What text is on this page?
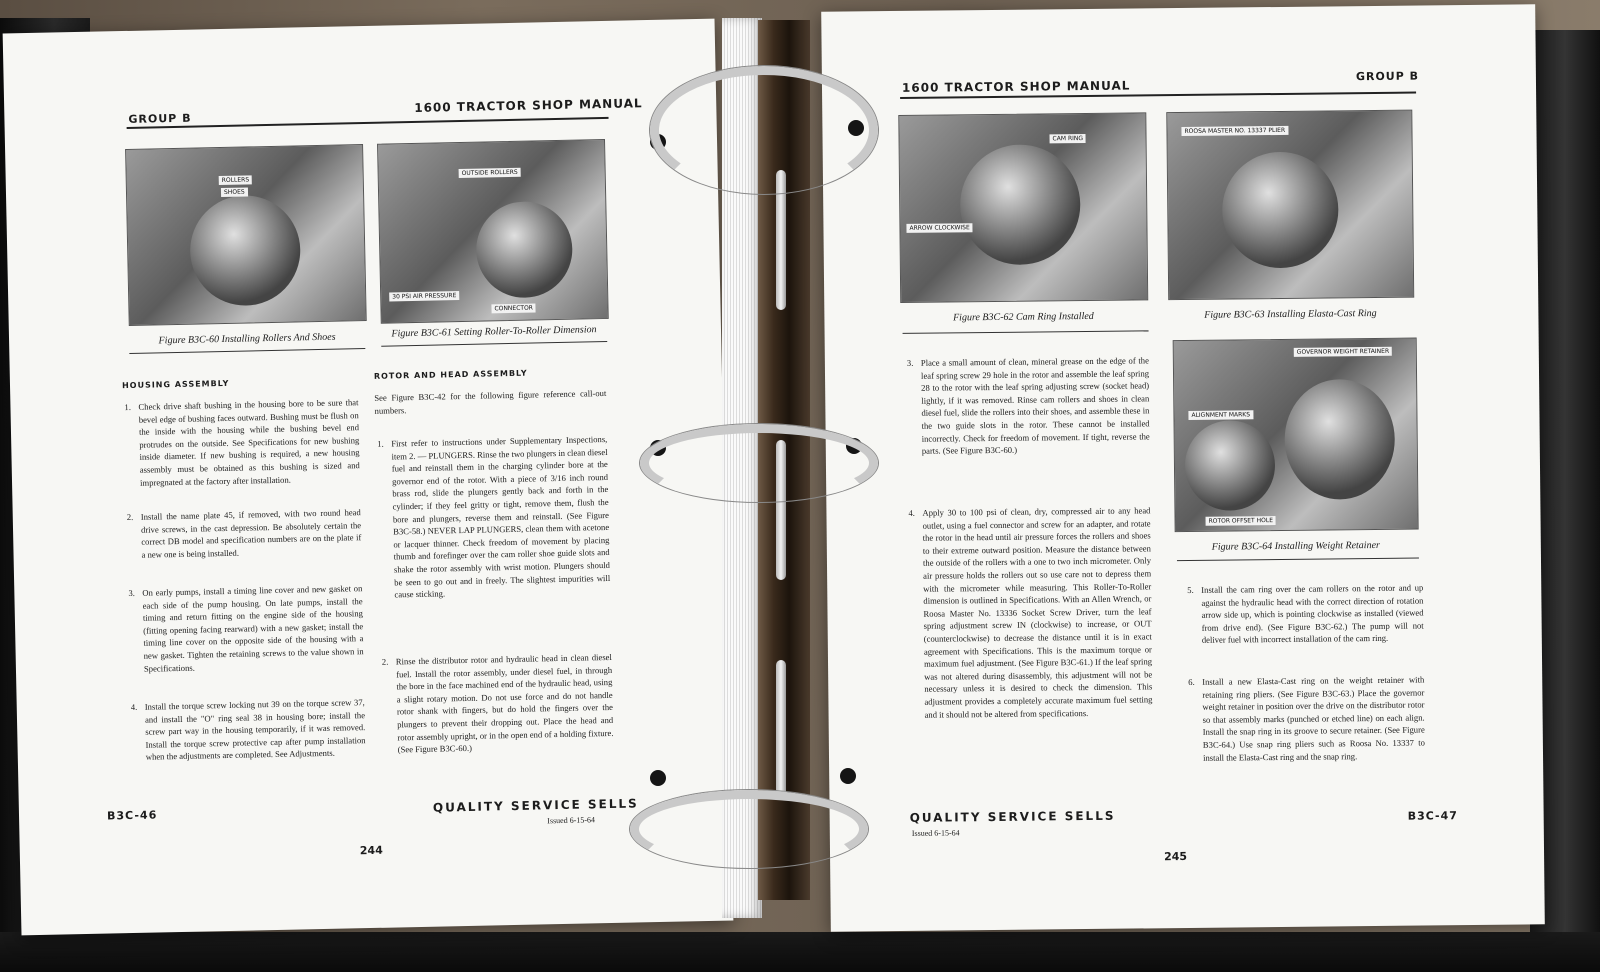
GROUP B
1600 TRACTOR SHOP MANUAL
ROLLERS
SHOES
OUTSIDE ROLLERS
30 PSI AIR PRESSURE
CONNECTOR
Figure B3C-60 Installing Rollers And Shoes	Figure B3C-61 Setting Roller-To-Roller Dimension
HOUSING ASSEMBLY

1. Check drive shaft bushing in the housing bore to be sure that bevel edge of bushing faces outward. Bushing must be flush on the inside with the housing while the bushing bevel end protrudes on the outside. See Specifications for new bushing inside diameter. If new bushing is required, a new housing assembly must be obtained as this bushing is sized and impregnated at the factory after installation.

2. Install the name plate 45, if removed, with two round head drive screws, in the cast depression. Be absolutely certain the correct DB model and specification numbers are on the plate if a new one is being installed.

3. On early pumps, install a timing line cover and new gasket on each side of the pump housing. On late pumps, install the timing and return fitting on the engine side of the housing (fitting opening facing rearward) with a new gasket; install the timing line cover on the opposite side of the housing with a new gasket. Tighten the retaining screws to the value shown in Specifications.

4. Install the torque screw locking nut 39 on the torque screw 37, and install the "O" ring seal 38 in housing bore; install the screw part way in the housing temporarily, if it was removed. Install the torque screw protective cap after pump installation when the adjustments are completed. See Adjustments.

ROTOR AND HEAD ASSEMBLY

See Figure B3C-42 for the following figure reference call-out numbers.

1. First refer to instructions under Supplementary Inspections, item 2. — PLUNGERS. Rinse the two plungers in clean diesel fuel and reinstall them in the charging cylinder bore at the governor end of the rotor. With a piece of 3/16 inch round brass rod, slide the plungers gently back and forth in the cylinder; if they feel gritty or tight, remove them, flush the bore and plungers, reverse them and reinstall. (See Figure B3C-58.) NEVER LAP PLUNGERS, clean them with acetone or lacquer thinner. Check freedom of movement by placing thumb and forefinger over the cam roller shoe guide slots and shake the rotor assembly with wrist motion. Plungers should be seen to go out and in freely. The slightest impurities will cause sticking.

2. Rinse the distributor rotor and hydraulic head in clean diesel fuel. Install the rotor assembly, under diesel fuel, in through the bore in the face machined end of the hydraulic head, using a slight rotary motion. Do not use force and do not handle rotor shank with fingers, but do hold the fingers over the plungers to prevent their dropping out. Place the head and rotor assembly upright, or in the open end of a holding fixture. (See Figure B3C-60.)

B3C-46
QUALITY SERVICE SELLS
Issued 6-15-64
244
1600 TRACTOR SHOP MANUAL
GROUP B
CAM RING
ARROW CLOCKWISE
ROOSA MASTER NO. 13337 PLIER
Figure B3C-62 Cam Ring Installed	Figure B3C-63 Installing Elasta-Cast Ring
GOVERNOR WEIGHT RETAINER
ALIGNMENT MARKS
ROTOR OFFSET HOLE
Figure B3C-64 Installing Weight Retainer

3. Place a small amount of clean, mineral grease on the edge of the leaf spring screw 29 hole in the rotor and assemble the leaf spring 28 to the rotor with the leaf spring adjusting screw (socket head) lightly, if it was removed. Rinse cam rollers and shoes in clean diesel fuel, slide the rollers into their shoes, and assemble these in the two guide slots in the rotor. These cannot be installed incorrectly. Check for freedom of movement. If tight, reverse the parts. (See Figure B3C-60.)

4. Apply 30 to 100 psi of clean, dry, compressed air to any head outlet, using a fuel connector and screw for an adapter, and rotate the rotor in the head until air pressure forces the rollers and shoes to their extreme outward position. Measure the distance between the outside of the rollers with a one to two inch micrometer. Only air pressure holds the rollers out so use care not to depress them with the micrometer while measuring. This Roller-To-Roller dimension is outlined in Specifications. With an Allen Wrench, or Roosa Master No. 13336 Socket Screw Driver, turn the leaf spring adjustment screw IN (clockwise) to increase, or OUT (counterclockwise) to decrease the distance until it is in exact agreement with Specifications. This is the maximum torque or maximum fuel adjustment. (See Figure B3C-61.) If the leaf spring was not altered during disassembly, this adjustment will not be necessary unless it is desired to check the dimension. This adjustment provides a completely accurate maximum fuel setting and it should not be altered from specifications.

5. Install the cam ring over the cam rollers on the rotor and up against the hydraulic head with the correct direction of rotation arrow side up, which is pointing clockwise as installed (viewed from drive end). (See Figure B3C-62.) The pump will not deliver fuel with incorrect installation of the cam ring.

6. Install a new Elasta-Cast ring on the weight retainer with retaining ring pliers. (See Figure B3C-63.) Place the governor weight retainer in position over the drive on the distributor rotor so that assembly marks (punched or etched line) on each align. Install the snap ring in its groove to secure retainer. (See Figure B3C-64.) Use snap ring pliers such as Roosa No. 13337 to install the Elasta-Cast ring and the snap ring.

QUALITY SERVICE SELLS
Issued 6-15-64
B3C-47
245
